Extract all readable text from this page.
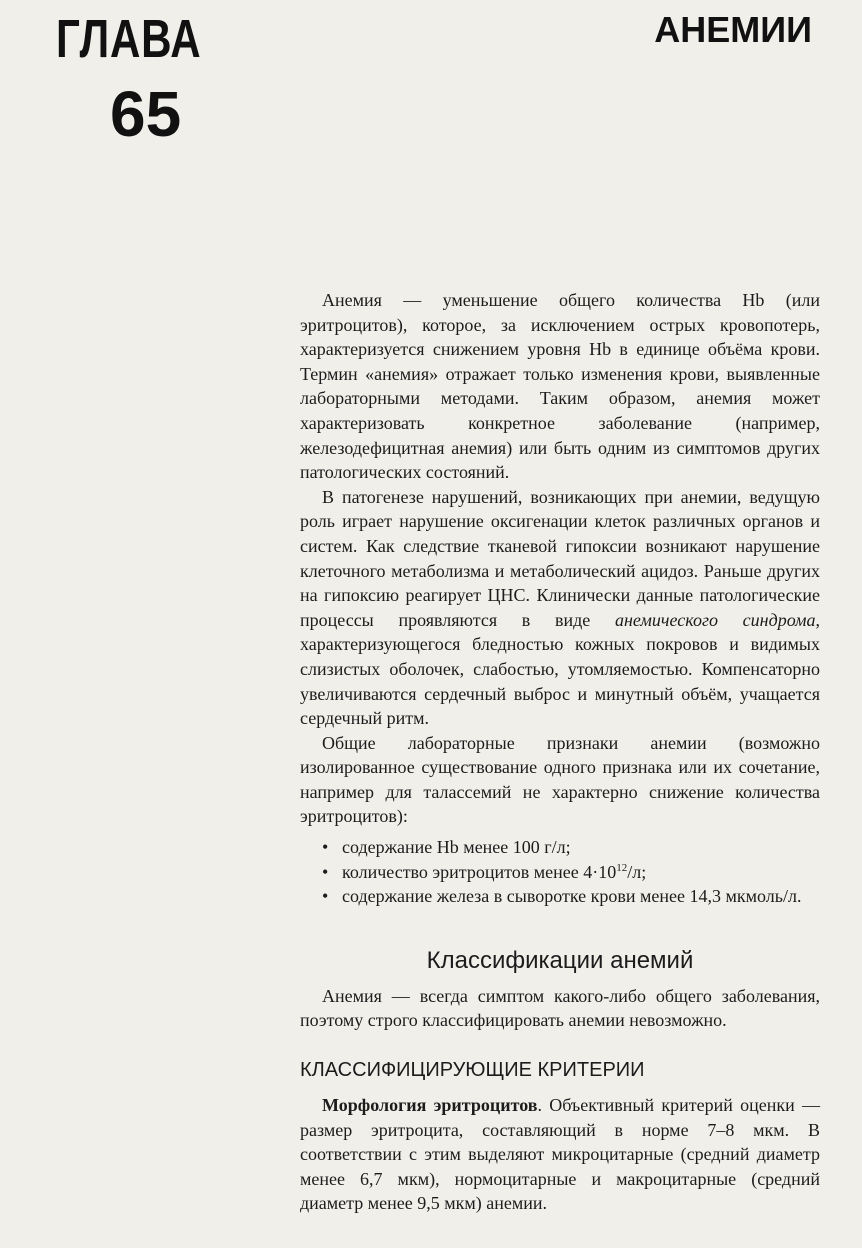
ГЛАВА
65
АНЕМИИ

Анемия — уменьшение общего количества Hb (или эритроцитов), которое, за исключением острых кровопотерь, характеризуется снижением уровня Hb в единице объёма крови. Термин «анемия» отражает только изменения крови, выявленные лабораторными методами. Таким образом, анемия может характеризовать конкретное заболевание (например, железодефицитная анемия) или быть одним из симптомов других патологических состояний.

В патогенезе нарушений, возникающих при анемии, ведущую роль играет нарушение оксигенации клеток различных органов и систем. Как следствие тканевой гипоксии возникают нарушение клеточного метаболизма и метаболический ацидоз. Раньше других на гипоксию реагирует ЦНС. Клинически данные патологические процессы проявляются в виде анемического синдрома, характеризующегося бледностью кожных покровов и видимых слизистых оболочек, слабостью, утомляемостью. Компенсаторно увеличиваются сердечный выброс и минутный объём, учащается сердечный ритм.

Общие лабораторные признаки анемии (возможно изолированное существование одного признака или их сочетание, например для талассемий не характерно снижение количества эритроцитов):

• содержание Hb менее 100 г/л;
• количество эритроцитов менее $4\cdot 10^{12}/л$;
• содержание железа в сыворотке крови менее 14,3 мкмоль/л.
Классификации анемий

Анемия — всегда симптом какого-либо общего заболевания, поэтому строго классифицировать анемии невозможно.

КЛАССИФИЦИРУЮЩИЕ КРИТЕРИИ

Морфология эритроцитов. Объективный критерий оценки — размер эритроцита, составляющий в норме 7–8 мкм. В соответствии с этим выделяют микроцитарные (средний диаметр менее 6,7 мкм), нормоцитарные и макроцитарные (средний диаметр менее 9,5 мкм) анемии.
